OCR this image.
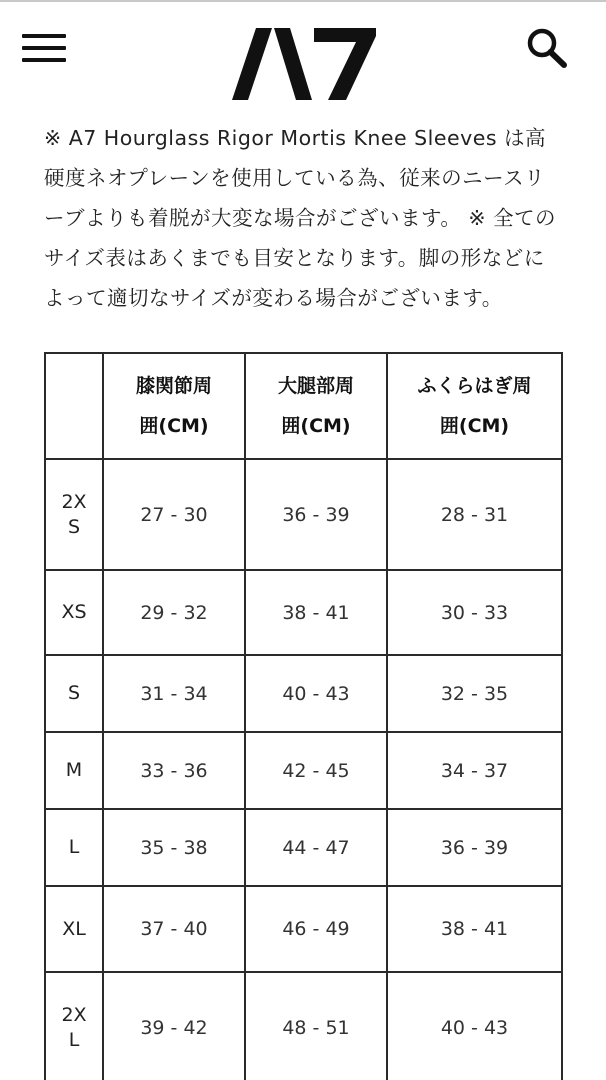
※ A7 Hourglass Rigor Mortis Knee Sleeves は高硬度ネオプレーンを使用している為、従来のニースリーブよりも着脱が大変な場合がございます。 ※ 全てのサイズ表はあくまでも目安となります。脚の形などによって適切なサイズが変わる場合がございます。

	膝関節周囲(CM)	大腿部周囲(CM)	ふくらはぎ周囲(CM)

2XS	27 - 30	36 - 39	28 - 31

XS	29 - 32	38 - 41	30 - 33

S	31 - 34	40 - 43	32 - 35

M	33 - 36	42 - 45	34 - 37

L	35 - 38	44 - 47	36 - 39

XL	37 - 40	46 - 49	38 - 41

2XL	39 - 42	48 - 51	40 - 43
